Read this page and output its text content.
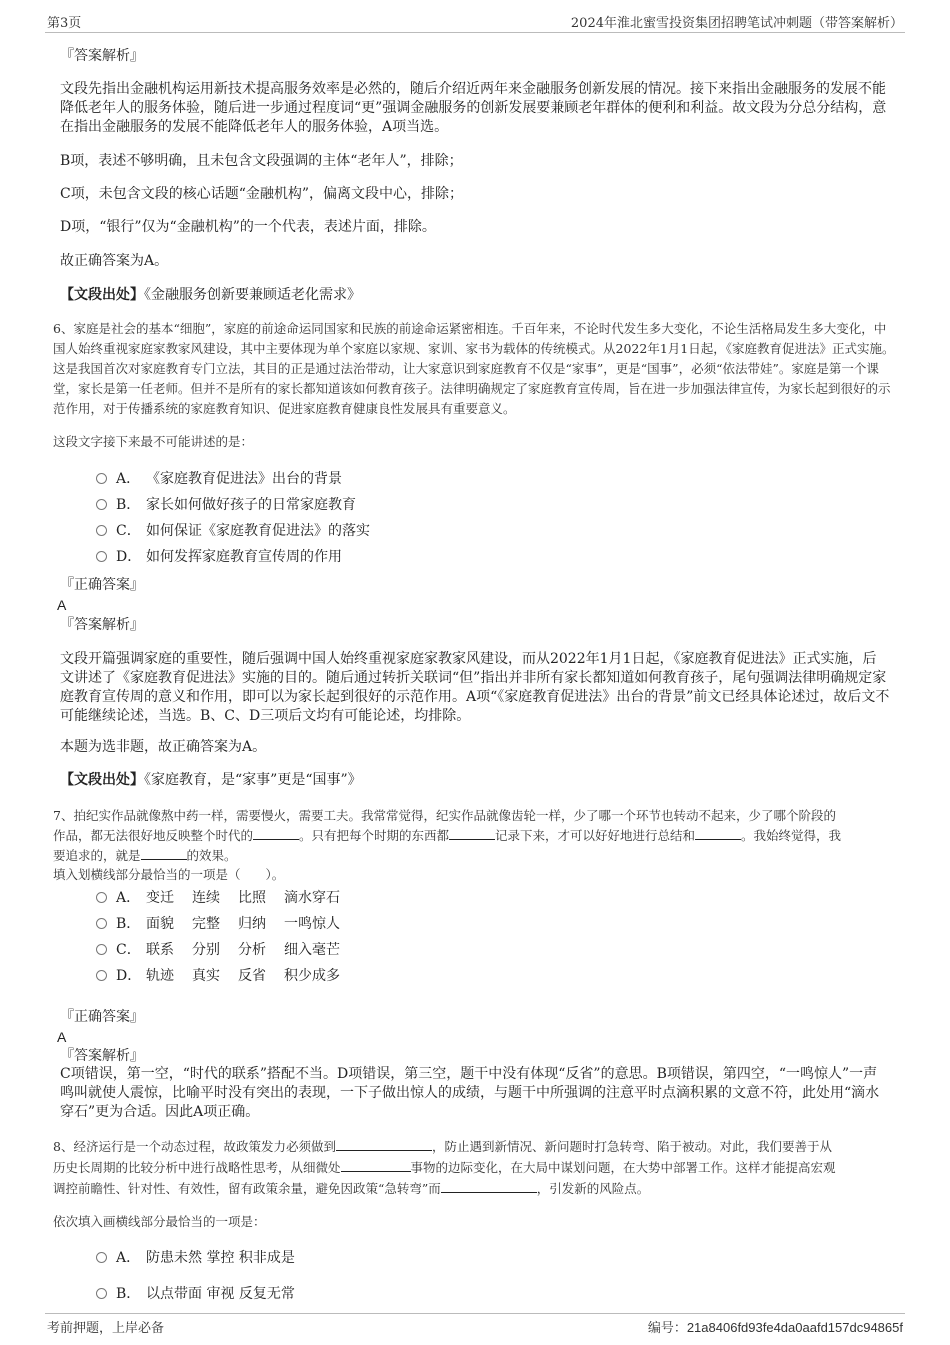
第3页	2024年淮北蜜雪投资集团招聘笔试冲刺题（带答案解析）
『答案解析』
文段先指出金融机构运用新技术提高服务效率是必然的，随后介绍近两年来金融服务创新发展的情况。接下来指出金融服务的发展不能降低老年人的服务体验，随后进一步通过程度词“更”强调金融服务的创新发展要兼顾老年群体的便利和利益。故文段为分总分结构，意在指出金融服务的发展不能降低老年人的服务体验，A项当选。
B项，表述不够明确，且未包含文段强调的主体“老年人”，排除；
C项，未包含文段的核心话题“金融机构”，偏离文段中心，排除；
D项，“银行”仅为“金融机构”的一个代表，表述片面，排除。
故正确答案为A。
【文段出处】《金融服务创新要兼顾适老化需求》
6、家庭是社会的基本“细胞”，家庭的前途命运同国家和民族的前途命运紧密相连。千百年来，不论时代发生多大变化，不论生活格局发生多大变化，中国人始终重视家庭家教家风建设，其中主要体现为单个家庭以家规、家训、家书为载体的传统模式。从2022年1月1日起，《家庭教育促进法》正式实施。这是我国首次对家庭教育专门立法，其目的正是通过法治带动，让大家意识到家庭教育不仅是“家事”，更是“国事”，必须“依法带娃”。家庭是第一个课堂，家长是第一任老师。但并不是所有的家长都知道该如何教育孩子。法律明确规定了家庭教育宣传周，旨在进一步加强法律宣传，为家长起到很好的示范作用，对于传播系统的家庭教育知识、促进家庭教育健康良性发展具有重要意义。
这段文字接下来最不可能讲述的是：
A． 《家庭教育促进法》出台的背景
B． 家长如何做好孩子的日常家庭教育
C． 如何保证《家庭教育促进法》的落实
D． 如何发挥家庭教育宣传周的作用
『正确答案』
A
『答案解析』
文段开篇强调家庭的重要性，随后强调中国人始终重视家庭家教家风建设，而从2022年1月1日起，《家庭教育促进法》正式实施，后文讲述了《家庭教育促进法》实施的目的。随后通过转折关联词“但”指出并非所有家长都知道如何教育孩子，尾句强调法律明确规定家庭教育宣传周的意义和作用，即可以为家长起到很好的示范作用。A项“《家庭教育促进法》出台的背景”前文已经具体论述过，故后文不可能继续论述，当选。B、C、D三项后文均有可能论述，均排除。
本题为选非题，故正确答案为A。
【文段出处】《家庭教育，是“家事”更是“国事”》
7、拍纪实作品就像熬中药一样，需要慢火，需要工夫。我常常觉得，纪实作品就像齿轮一样，少了哪一个环节也转动不起来，少了哪个阶段的
作品，都无法很好地反映整个时代的	。只有把每个时期的东西都	记录下来，才可以好好地进行总结和	。我始终觉得，我
要追求的，就是	的效果。
填入划横线部分最恰当的一项是（　　）。
A． 变迁 连续 比照 滴水穿石
B． 面貌 完整 归纳 一鸣惊人
C． 联系 分别 分析 细入毫芒
D． 轨迹 真实 反省 积少成多
『正确答案』
A
『答案解析』
C项错误，第一空，“时代的联系”搭配不当。D项错误，第三空，题干中没有体现“反省”的意思。B项错误，第四空，“一鸣惊人”一声鸣叫就使人震惊，比喻平时没有突出的表现，一下子做出惊人的成绩，与题干中所强调的注意平时点滴积累的文意不符，此处用“滴水穿石”更为合适。因此A项正确。
8、经济运行是一个动态过程，故政策发力必须做到	，防止遇到新情况、新问题时打急转弯、陷于被动。对此，我们要善于从
历史长周期的比较分析中进行战略性思考，从细微处	事物的边际变化，在大局中谋划问题，在大势中部署工作。这样才能提高宏观
调控前瞻性、针对性、有效性，留有政策余量，避免因政策“急转弯”而	，引发新的风险点。
依次填入画横线部分最恰当的一项是：
A． 防患未然 掌控 积非成是
B． 以点带面 审视 反复无常
考前押题，上岸必备	编号：21a8406fd93fe4da0aafd157dc94865f
